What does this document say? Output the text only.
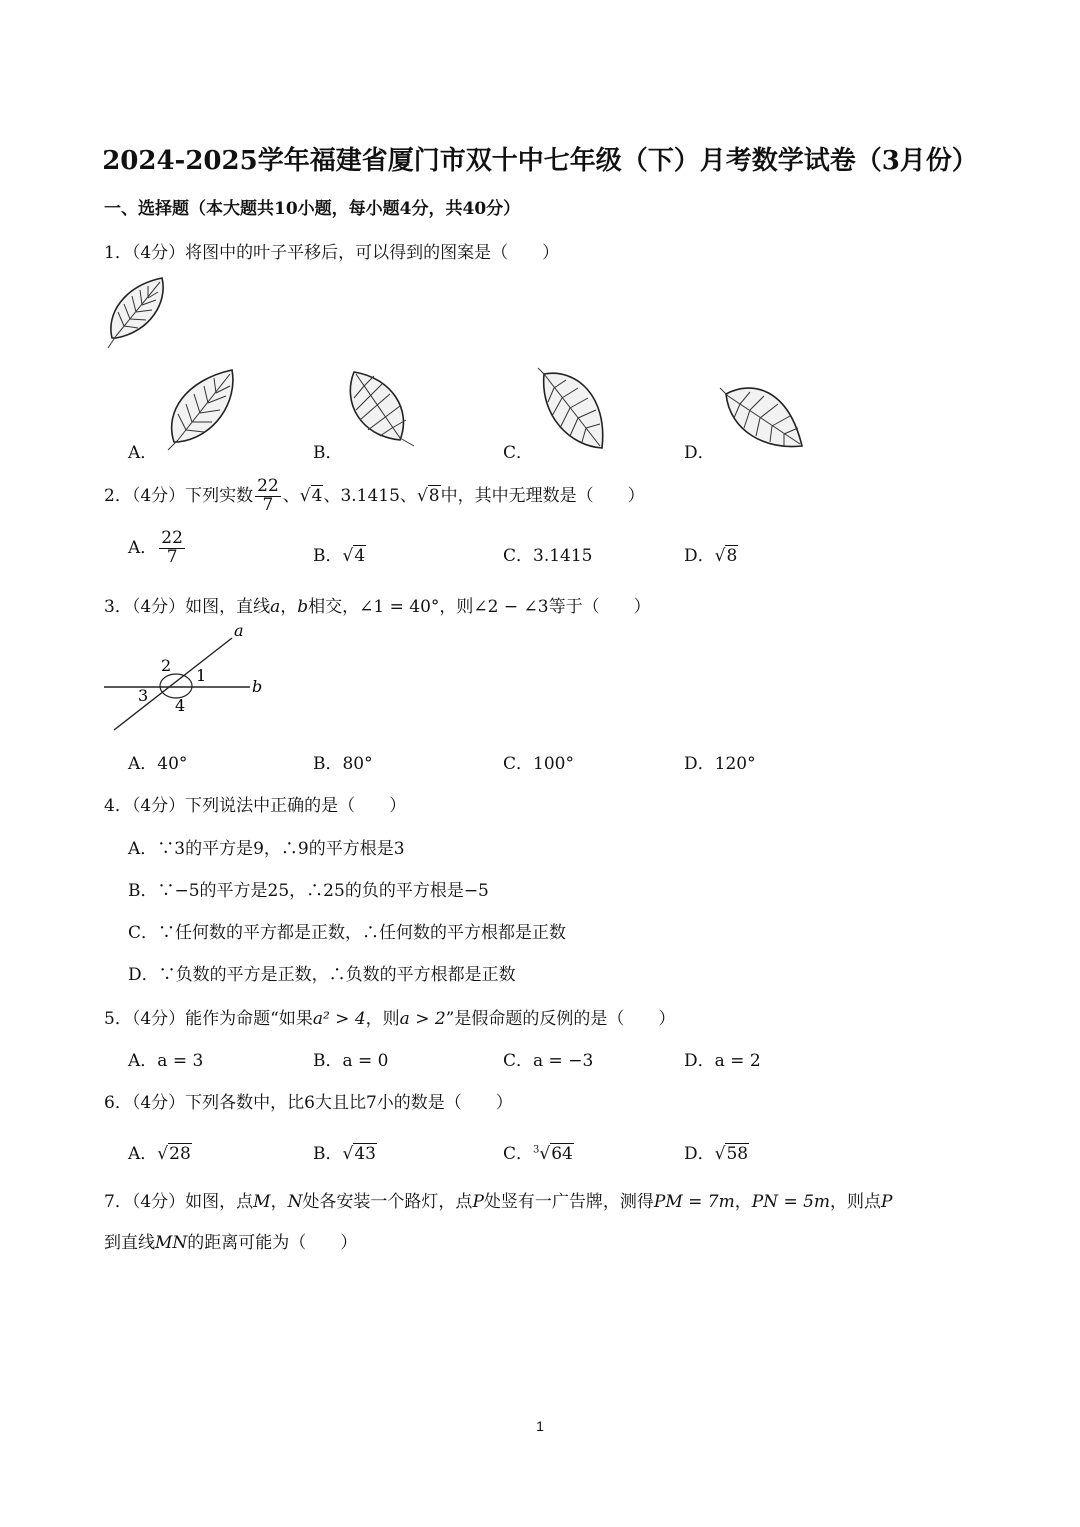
2024-2025学年福建省厦门市双十中七年级（下）月考数学试卷（3月份）
一、选择题（本大题共10小题，每小题4分，共40分）
1．（4分）将图中的叶子平移后，可以得到的图案是（　　）
A．	B．	C．	D．
2．（4分）下列实数 $\frac{22}{7}$ 、√4、3.1415、√8中，其中无理数是（　　）
A． $\frac{22}{7}$	B．√4	C．3.1415	D．√8
3．（4分）如图，直线a，b相交，∠1 = 40°，则∠2 − ∠3等于（　　）
a
b
1
2
3
4
A．40°	B．80°	C．100°	D．120°
4．（4分）下列说法中正确的是（　　）
A．∵3的平方是9，∴9的平方根是3
B．∵−5的平方是25，∴25的负的平方根是−5
C．∵任何数的平方都是正数，∴任何数的平方根都是正数
D．∵负数的平方是正数，∴负数的平方根都是正数
5．（4分）能作为命题“如果a² > 4，则a > 2”是假命题的反例的是（　　）
A．a = 3	B．a = 0	C．a = −3	D．a = 2
6．（4分）下列各数中，比6大且比7小的数是（　　）
A．√28	B．√43	C．$^3$√64	D．√58
7．（4分）如图，点M，N处各安装一个路灯，点P处竖有一广告牌，测得PM = 7m，PN = 5m，则点P
到直线MN的距离可能为（　　）
1
